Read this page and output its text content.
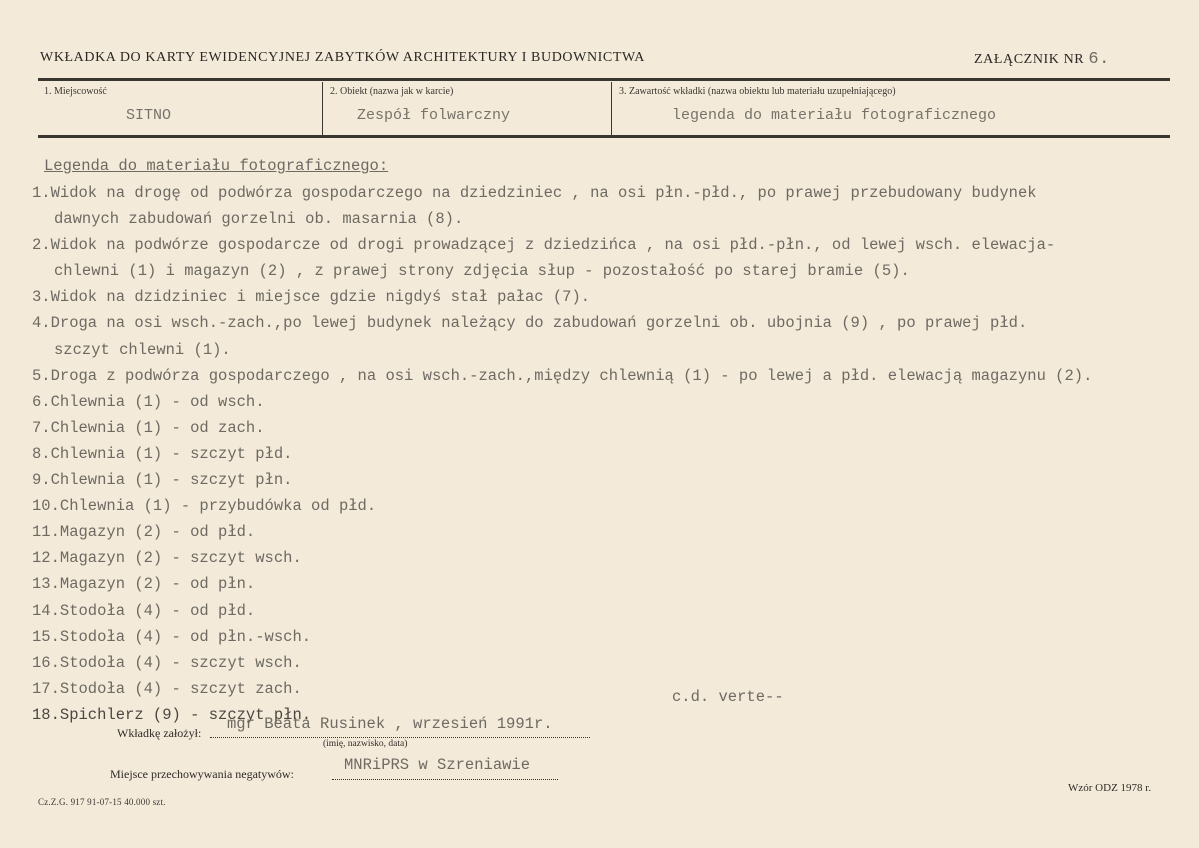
WKŁADKA DO KARTY EWIDENCYJNEJ ZABYTKÓW ARCHITEKTURY I BUDOWNICTWA	ZAŁĄCZNIK NR 6.
1. Miejscowość
SITNO
2. Obiekt (nazwa jak w karcie)
Zespół folwarczny
3. Zawartość wkładki (nazwa obiektu lub materiału uzupełniającego)
legenda do materiału fotograficznego
Legenda do materiału fotograficznego:
1.Widok na drogę od podwórza gospodarczego na dziedziniec , na osi płn.-płd., po prawej przebudowany budynek
dawnych zabudowań gorzelni ob. masarnia (8).
2.Widok na podwórze gospodarcze od drogi prowadzącej z dziedzińca , na osi płd.-płn., od lewej wsch. elewacja-
chlewni (1) i magazyn (2) , z prawej strony zdjęcia słup - pozostałość po starej bramie (5).
3.Widok na dzidziniec i miejsce gdzie nigdyś stał pałac (7).
4.Droga na osi wsch.-zach.,po lewej budynek należący do zabudowań gorzelni ob. ubojnia (9) , po prawej płd.
szczyt chlewni (1).
5.Droga z podwórza gospodarczego , na osi wsch.-zach.,między chlewnią (1) - po lewej a płd. elewacją magazynu (2).
6.Chlewnia (1) - od wsch.
7.Chlewnia (1) - od zach.
8.Chlewnia (1) - szczyt płd.
9.Chlewnia (1) - szczyt płn.
10.Chlewnia (1) - przybudówka od płd.
11.Magazyn (2) - od płd.
12.Magazyn (2) - szczyt wsch.
13.Magazyn (2) - od płn.
14.Stodoła (4) - od płd.
15.Stodoła (4) - od płn.-wsch.
16.Stodoła (4) - szczyt wsch.
17.Stodoła (4) - szczyt zach.
18.Spichlerz (9) - szczyt płn.
c.d. verte--
Wkładkę założył: mgr Beata Rusinek , wrzesień 1991r.
(imię, nazwisko, data)
Miejsce przechowywania negatywów:	MNRiPRS w Szreniawie
Cz.Z.G. 917 91-07-15 40.000 szt.
Wzór ODZ 1978 r.
